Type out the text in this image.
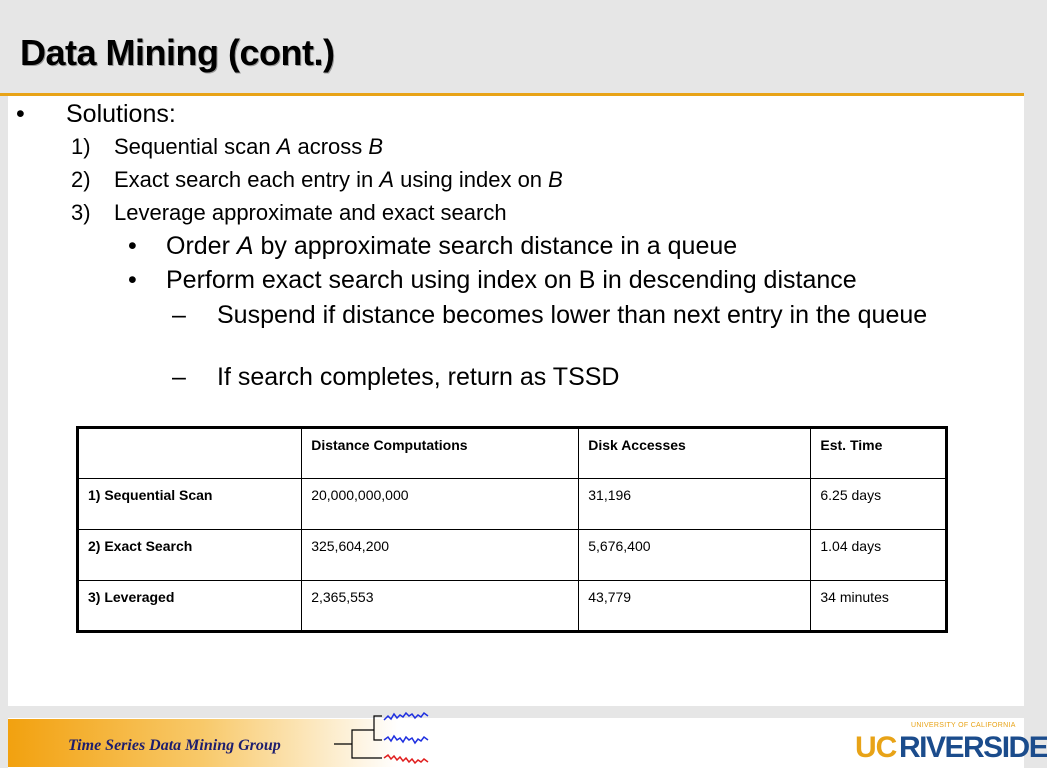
Data Mining (cont.)
• Solutions:
1) Sequential scan A across B
2) Exact search each entry in A using index on B
3) Leverage approximate and exact search
• Order A by approximate search distance in a queue
• Perform exact search using index on B in descending distance
– Suspend if distance becomes lower than next entry in the queue
– If search completes, return as TSSD
	Distance Computations	Disk Accesses	Est. Time
1) Sequential Scan	20,000,000,000	31,196	6.25 days
2) Exact Search	325,604,200	5,676,400	1.04 days
3) Leveraged	2,365,553	43,779	34 minutes
Time Series Data Mining Group
UNIVERSITY OF CALIFORNIA
UC RIVERSIDE
